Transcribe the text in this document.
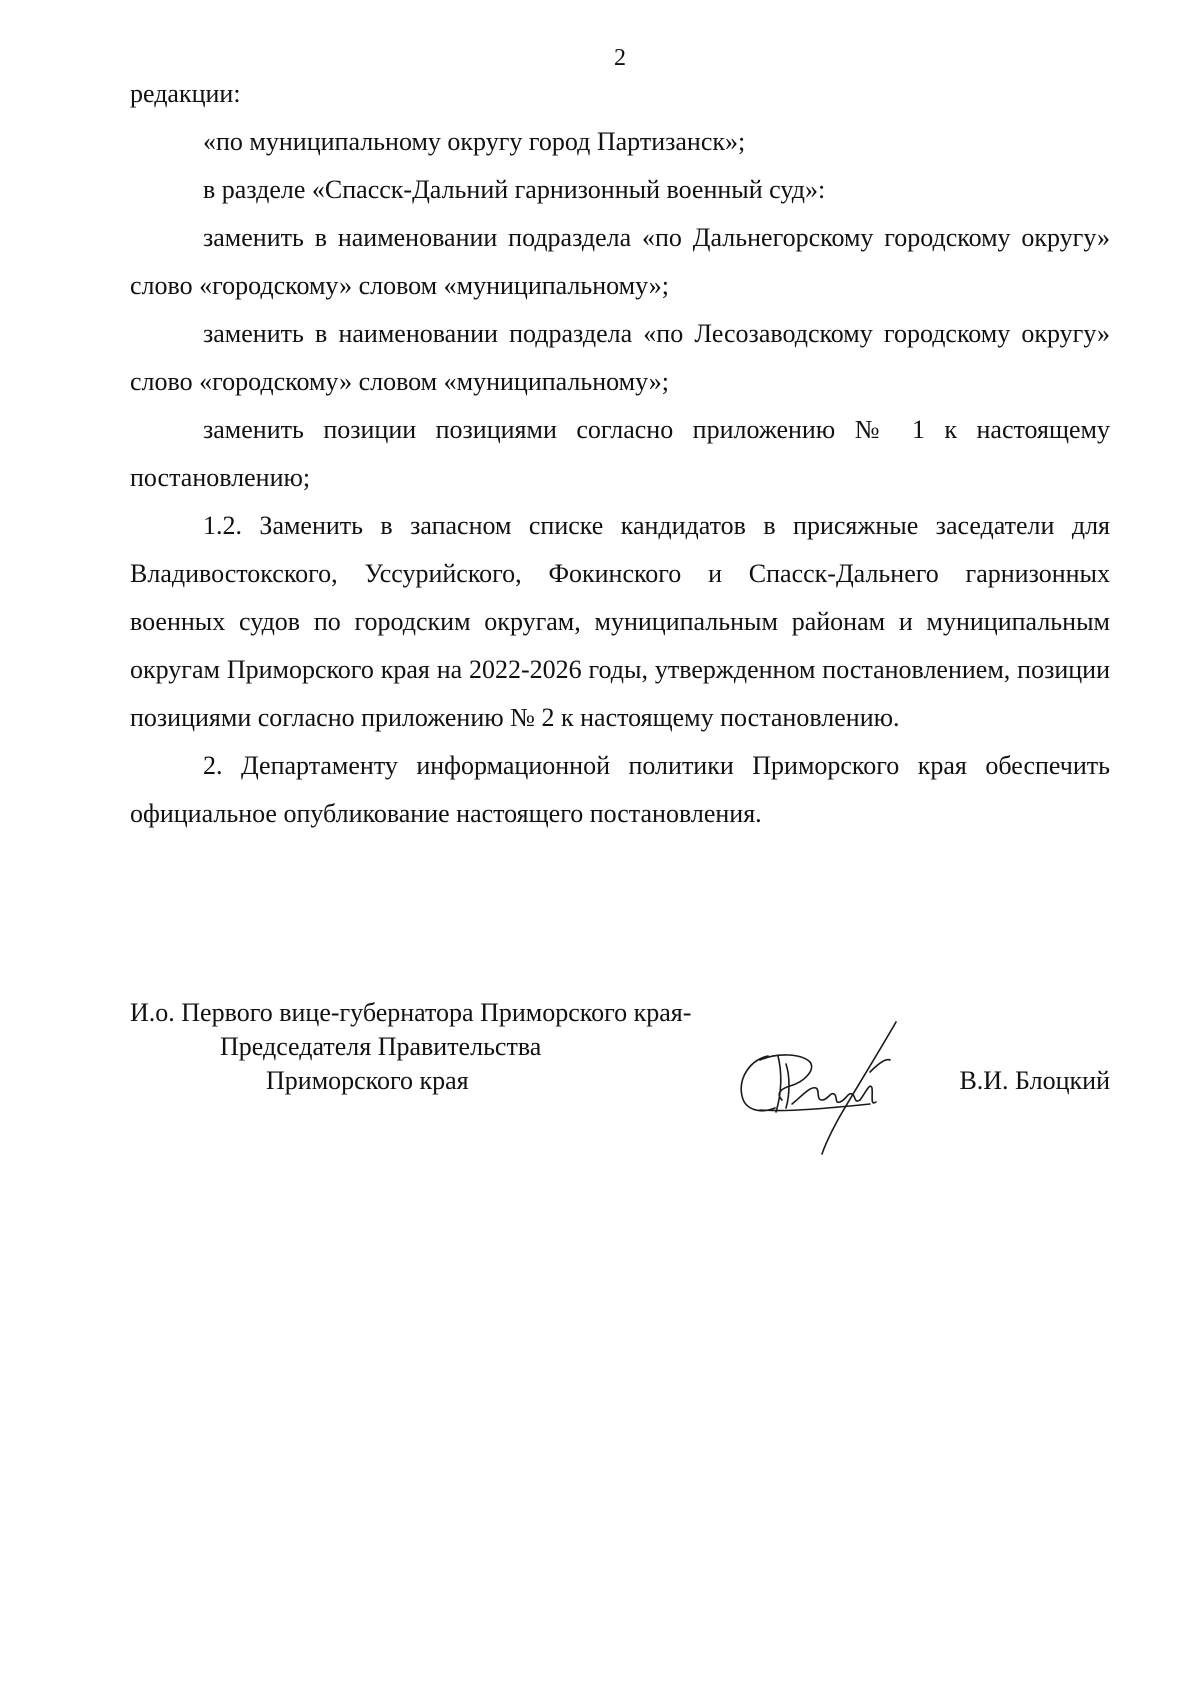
2

редакции:

«по муниципальному округу город Партизанск»;

в разделе «Спасск-Дальний гарнизонный военный суд»:

заменить в наименовании подраздела «по Дальнегорскому городскому округу» слово «городскому» словом «муниципальному»;

заменить в наименовании подраздела «по Лесозаводскому городскому округу» слово «городскому» словом «муниципальному»;

заменить позиции позициями согласно приложению № 1 к настоящему постановлению;

1.2. Заменить в запасном списке кандидатов в присяжные заседатели для Владивостокского, Уссурийского, Фокинского и Спасск-Дальнего гарнизонных военных судов по городским округам, муниципальным районам и муниципальным округам Приморского края на 2022-2026 годы, утвержденном постановлением, позиции позициями согласно приложению № 2 к настоящему постановлению.

2. Департаменту информационной политики Приморского края обеспечить официальное опубликование настоящего постановления.

И.о. Первого вице-губернатора Приморского края-
Председателя Правительства
Приморского края	В.И. Блоцкий
